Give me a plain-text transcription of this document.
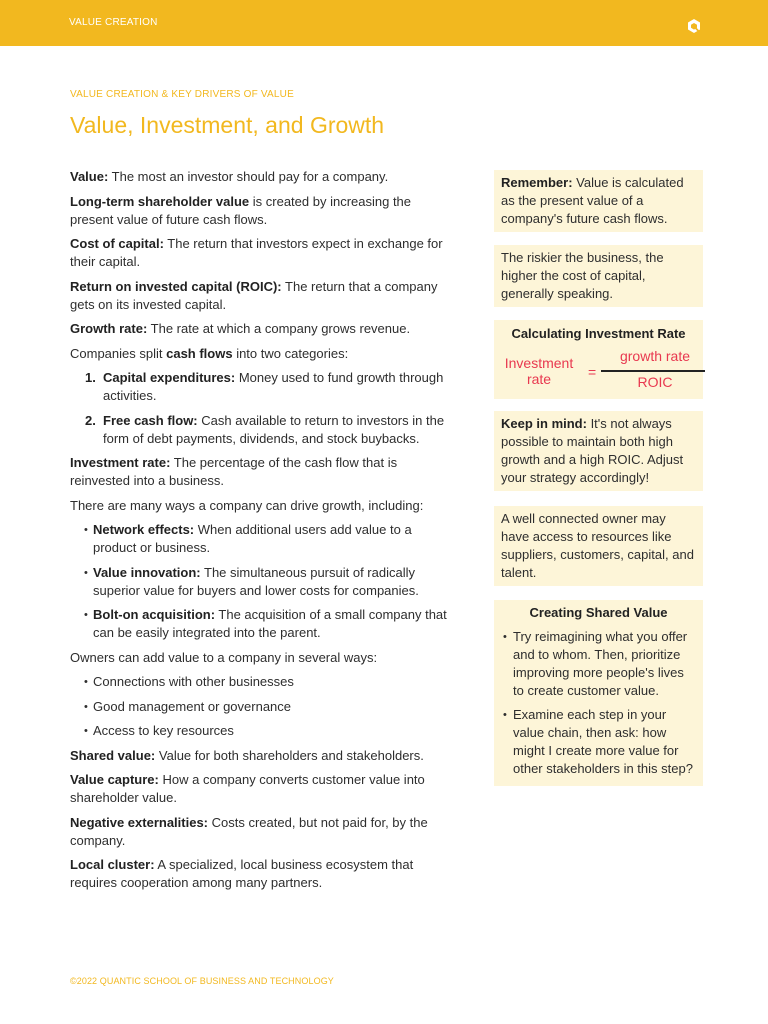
VALUE CREATION
VALUE CREATION & KEY DRIVERS OF VALUE
Value, Investment, and Growth

Value: The most an investor should pay for a company.

Long-term shareholder value is created by increasing the present value of future cash flows.

Cost of capital: The return that investors expect in exchange for their capital.

Return on invested capital (ROIC): The return that a company gets on its invested capital.

Growth rate: The rate at which a company grows revenue.

Companies split cash flows into two categories:

1. Capital expenditures: Money used to fund growth through activities.
2. Free cash flow: Cash available to return to investors in the form of debt payments, dividends, and stock buybacks.

Investment rate: The percentage of the cash flow that is reinvested into a business.

There are many ways a company can drive growth, including:

• Network effects: When additional users add value to a product or business.
• Value innovation: The simultaneous pursuit of radically superior value for buyers and lower costs for companies.
• Bolt-on acquisition: The acquisition of a small company that can be easily integrated into the parent.

Owners can add value to a company in several ways:

• Connections with other businesses
• Good management or governance
• Access to key resources

Shared value: Value for both shareholders and stakeholders.

Value capture: How a company converts customer value into shareholder value.

Negative externalities: Costs created, but not paid for, by the company.

Local cluster: A specialized, local business ecosystem that requires cooperation among many partners.

Remember: Value is calculated as the present value of a company's future cash flows.
The riskier the business, the higher the cost of capital, generally speaking.
Calculating Investment Rate
Investment
rate	=
growth rate
ROIC
Keep in mind: It's not always possible to maintain both high growth and a high ROIC. Adjust your strategy accordingly!
A well connected owner may have access to resources like suppliers, customers, capital, and talent.
Creating Shared Value
• Try reimagining what you offer and to whom. Then, prioritize improving more people's lives to create customer value.
• Examine each step in your value chain, then ask: how might I create more value for other stakeholders in this step?
©2022 QUANTIC SCHOOL OF BUSINESS AND TECHNOLOGY
